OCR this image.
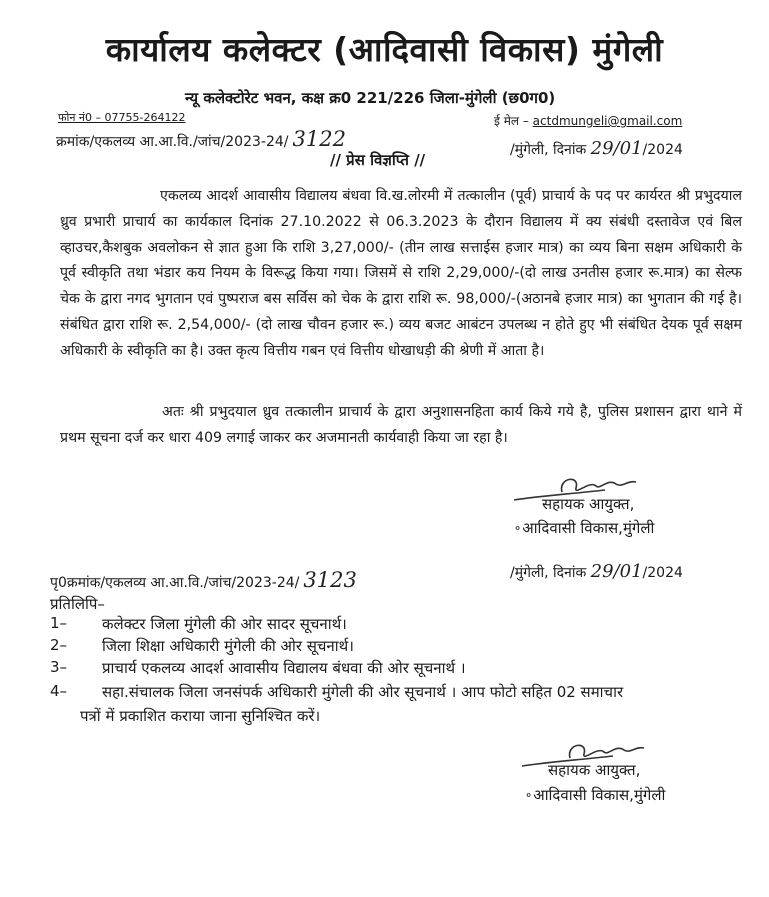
कार्यालय कलेक्टर (आदिवासी विकास) मुंगेली
न्यू कलेक्टोरेट भवन, कक्ष क्र0 221/226 जिला-मुंगेली (छ0ग0)
फोन नं0 – 07755-264122	ई मेल – actdmungeli@gmail.com
क्रमांक/एकलव्य आ.आ.वि./जांच/2023-24/ 3122	/मुंगेली, दिनांक 29/01/2024
// प्रेस विज्ञप्ति //
एकलव्य आदर्श आवासीय विद्यालय बंधवा वि.ख.लोरमी में तत्कालीन (पूर्व) प्राचार्य के पद पर कार्यरत श्री प्रभुदयाल ध्रुव प्रभारी प्राचार्य का कार्यकाल दिनांक 27.10.2022 से 06.3.2023 के दौरान विद्यालय में क्य संबंधी दस्तावेज एवं बिल व्हाउचर,कैशबुक अवलोकन से ज्ञात हुआ कि राशि 3,27,000/- (तीन लाख सत्ताईस हजार मात्र) का व्यय बिना सक्षम अधिकारी के पूर्व स्वीकृति तथा भंडार कय नियम के विरूद्ध किया गया। जिसमें से राशि 2,29,000/-(दो लाख उनतीस हजार रू.मात्र) का सेल्फ चेक के द्वारा नगद भुगतान एवं पुष्पराज बस सर्विस को चेक के द्वारा राशि रू. 98,000/-(अठानबे हजार मात्र) का भुगतान की गई है। संबंधित द्वारा राशि रू. 2,54,000/- (दो लाख चौवन हजार रू.) व्यय बजट आबंटन उपलब्ध न होते हुए भी संबंधित देयक पूर्व सक्षम अधिकारी के स्वीकृति का है। उक्त कृत्य वित्तीय गबन एवं वित्तीय धोखाधड़ी की श्रेणी में आता है।
अतः श्री प्रभुदयाल ध्रुव तत्कालीन प्राचार्य के द्वारा अनुशासनहिता कार्य किये गये है, पुलिस प्रशासन द्वारा थाने में प्रथम सूचना दर्ज कर धारा 409 लगाई जाकर कर अजमानती कार्यवाही किया जा रहा है।
सहायक आयुक्त,
⚬आदिवासी विकास,मुंगेली
पृ0क्रमांक/एकलव्य आ.आ.वि./जांच/2023-24/ 3123	/मुंगेली, दिनांक 29/01/2024
प्रतिलिपि–
1– कलेक्टर जिला मुंगेली की ओर सादर सूचनार्थ।
2– जिला शिक्षा अधिकारी मुंगेली की ओर सूचनार्थ।
3– प्राचार्य एकलव्य आदर्श आवासीय विद्यालय बंधवा की ओर सूचनार्थ ।
4– सहा.संचालक जिला जनसंपर्क अधिकारी मुंगेली की ओर सूचनार्थ । आप फोटो सहित 02 समाचार
पत्रों में प्रकाशित कराया जाना सुनिश्चित करें।
सहायक आयुक्त,
⚬आदिवासी विकास,मुंगेली
